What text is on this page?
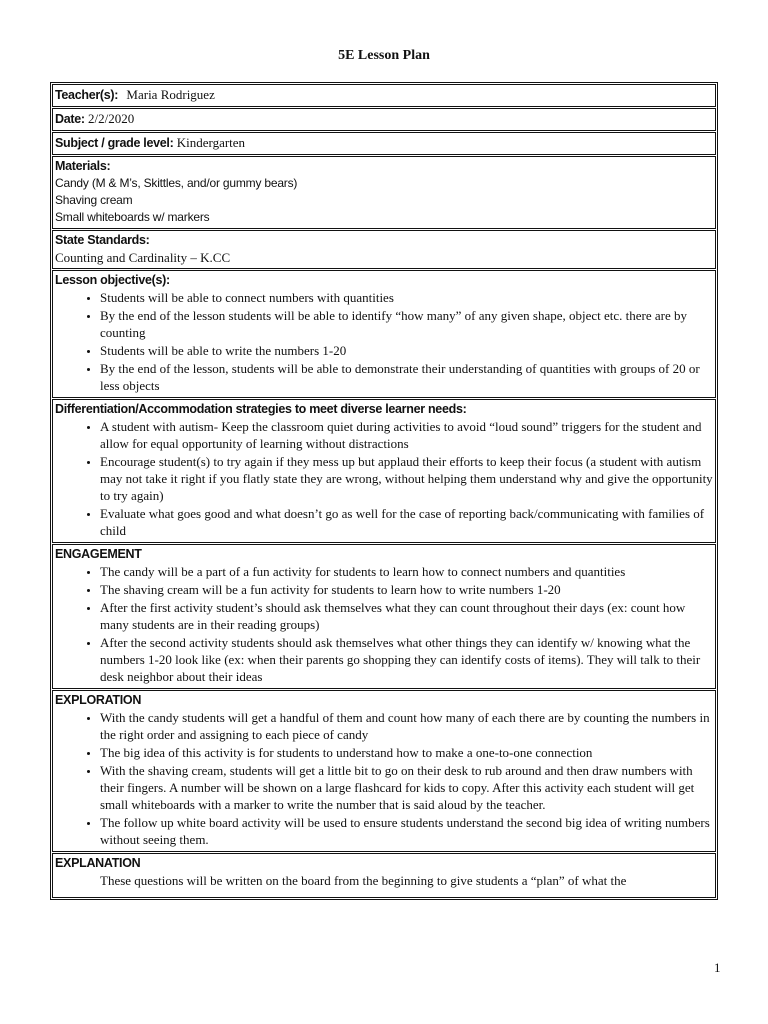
5E Lesson Plan
Teacher(s): Maria Rodriguez
Date: 2/2/2020
Subject / grade level: Kindergarten
Materials:
Candy (M & M’s, Skittles, and/or gummy bears)
Shaving cream
Small whiteboards w/ markers
State Standards:
Counting and Cardinality – K.CC
Lesson objective(s):
• Students will be able to connect numbers with quantities
• By the end of the lesson students will be able to identify “how many” of any given shape, object etc. there are by counting
• Students will be able to write the numbers 1-20
• By the end of the lesson, students will be able to demonstrate their understanding of quantities with groups of 20 or less objects
Differentiation/Accommodation strategies to meet diverse learner needs:
• A student with autism- Keep the classroom quiet during activities to avoid “loud sound” triggers for the student and allow for equal opportunity of learning without distractions
• Encourage student(s) to try again if they mess up but applaud their efforts to keep their focus (a student with autism may not take it right if you flatly state they are wrong, without helping them understand why and give the opportunity to try again)
• Evaluate what goes good and what doesn’t go as well for the case of reporting back/communicating with families of child
ENGAGEMENT
• The candy will be a part of a fun activity for students to learn how to connect numbers and quantities
• The shaving cream will be a fun activity for students to learn how to write numbers 1-20
• After the first activity student’s should ask themselves what they can count throughout their days (ex: count how many students are in their reading groups)
• After the second activity students should ask themselves what other things they can identify w/ knowing what the numbers 1-20 look like (ex: when their parents go shopping they can identify costs of items). They will talk to their desk neighbor about their ideas
EXPLORATION
• With the candy students will get a handful of them and count how many of each there are by counting the numbers in the right order and assigning to each piece of candy
• The big idea of this activity is for students to understand how to make a one-to-one connection
• With the shaving cream, students will get a little bit to go on their desk to rub around and then draw numbers with their fingers. A number will be shown on a large flashcard for kids to copy. After this activity each student will get small whiteboards with a marker to write the number that is said aloud by the teacher.
• The follow up white board activity will be used to ensure students understand the second big idea of writing numbers without seeing them.
EXPLANATION
• These questions will be written on the board from the beginning to give students a “plan” of what the
1
